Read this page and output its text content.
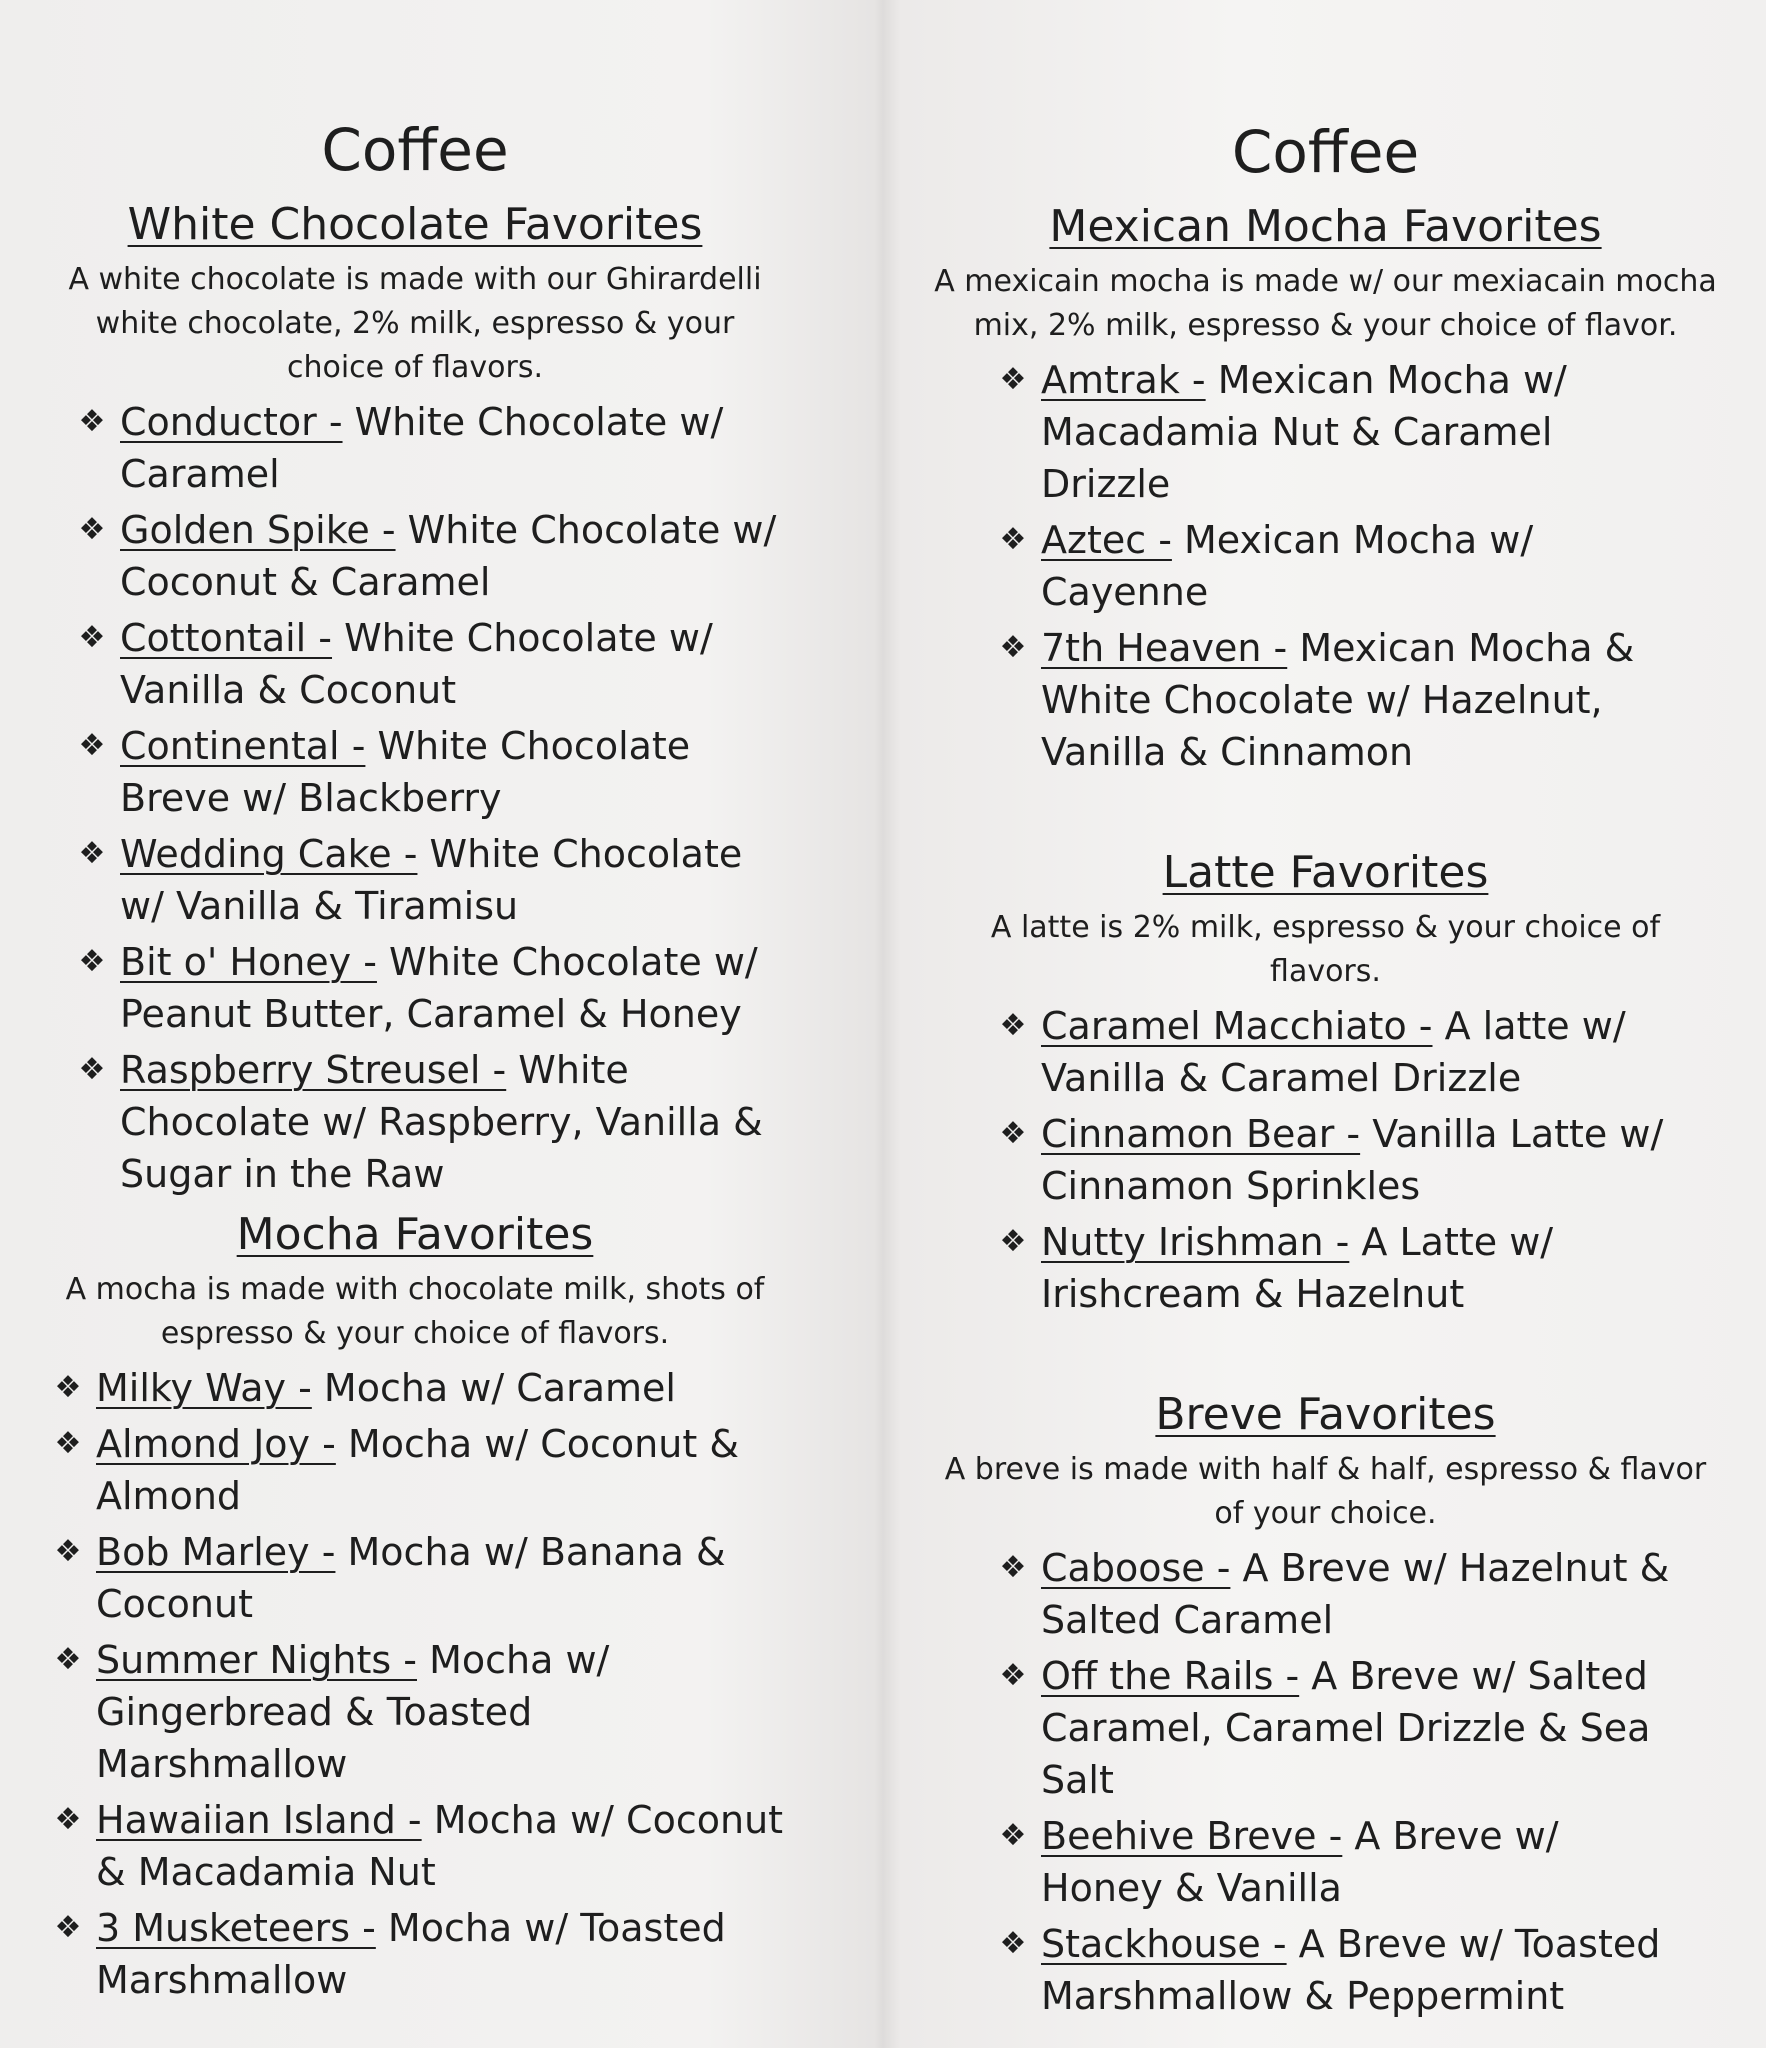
Coffee
White Chocolate Favorites
A white chocolate is made with our Ghirardelli white chocolate, 2% milk, espresso & your choice of flavors.
❖ Conductor - White Chocolate w/ Caramel
❖ Golden Spike - White Chocolate w/ Coconut & Caramel
❖ Cottontail - White Chocolate w/ Vanilla & Coconut
❖ Continental - White Chocolate Breve w/ Blackberry
❖ Wedding Cake - White Chocolate w/ Vanilla & Tiramisu
❖ Bit o' Honey - White Chocolate w/ Peanut Butter, Caramel & Honey
❖ Raspberry Streusel - White Chocolate w/ Raspberry, Vanilla & Sugar in the Raw
Mocha Favorites
A mocha is made with chocolate milk, shots of espresso & your choice of flavors.
❖ Milky Way - Mocha w/ Caramel
❖ Almond Joy - Mocha w/ Coconut & Almond
❖ Bob Marley - Mocha w/ Banana & Coconut
❖ Summer Nights - Mocha w/ Gingerbread & Toasted Marshmallow
❖ Hawaiian Island - Mocha w/ Coconut & Macadamia Nut
❖ 3 Musketeers - Mocha w/ Toasted Marshmallow
Coffee
Mexican Mocha Favorites
A mexicain mocha is made w/ our mexiacain mocha mix, 2% milk, espresso & your choice of flavor.
❖ Amtrak - Mexican Mocha w/ Macadamia Nut & Caramel Drizzle
❖ Aztec - Mexican Mocha w/ Cayenne
❖ 7th Heaven - Mexican Mocha & White Chocolate w/ Hazelnut, Vanilla & Cinnamon
Latte Favorites
A latte is 2% milk, espresso & your choice of flavors.
❖ Caramel Macchiato - A latte w/ Vanilla & Caramel Drizzle
❖ Cinnamon Bear - Vanilla Latte w/ Cinnamon Sprinkles
❖ Nutty Irishman - A Latte w/ Irishcream & Hazelnut
Breve Favorites
A breve is made with half & half, espresso & flavor of your choice.
❖ Caboose - A Breve w/ Hazelnut & Salted Caramel
❖ Off the Rails - A Breve w/ Salted Caramel, Caramel Drizzle & Sea Salt
❖ Beehive Breve - A Breve w/ Honey & Vanilla
❖ Stackhouse - A Breve w/ Toasted Marshmallow & Peppermint
